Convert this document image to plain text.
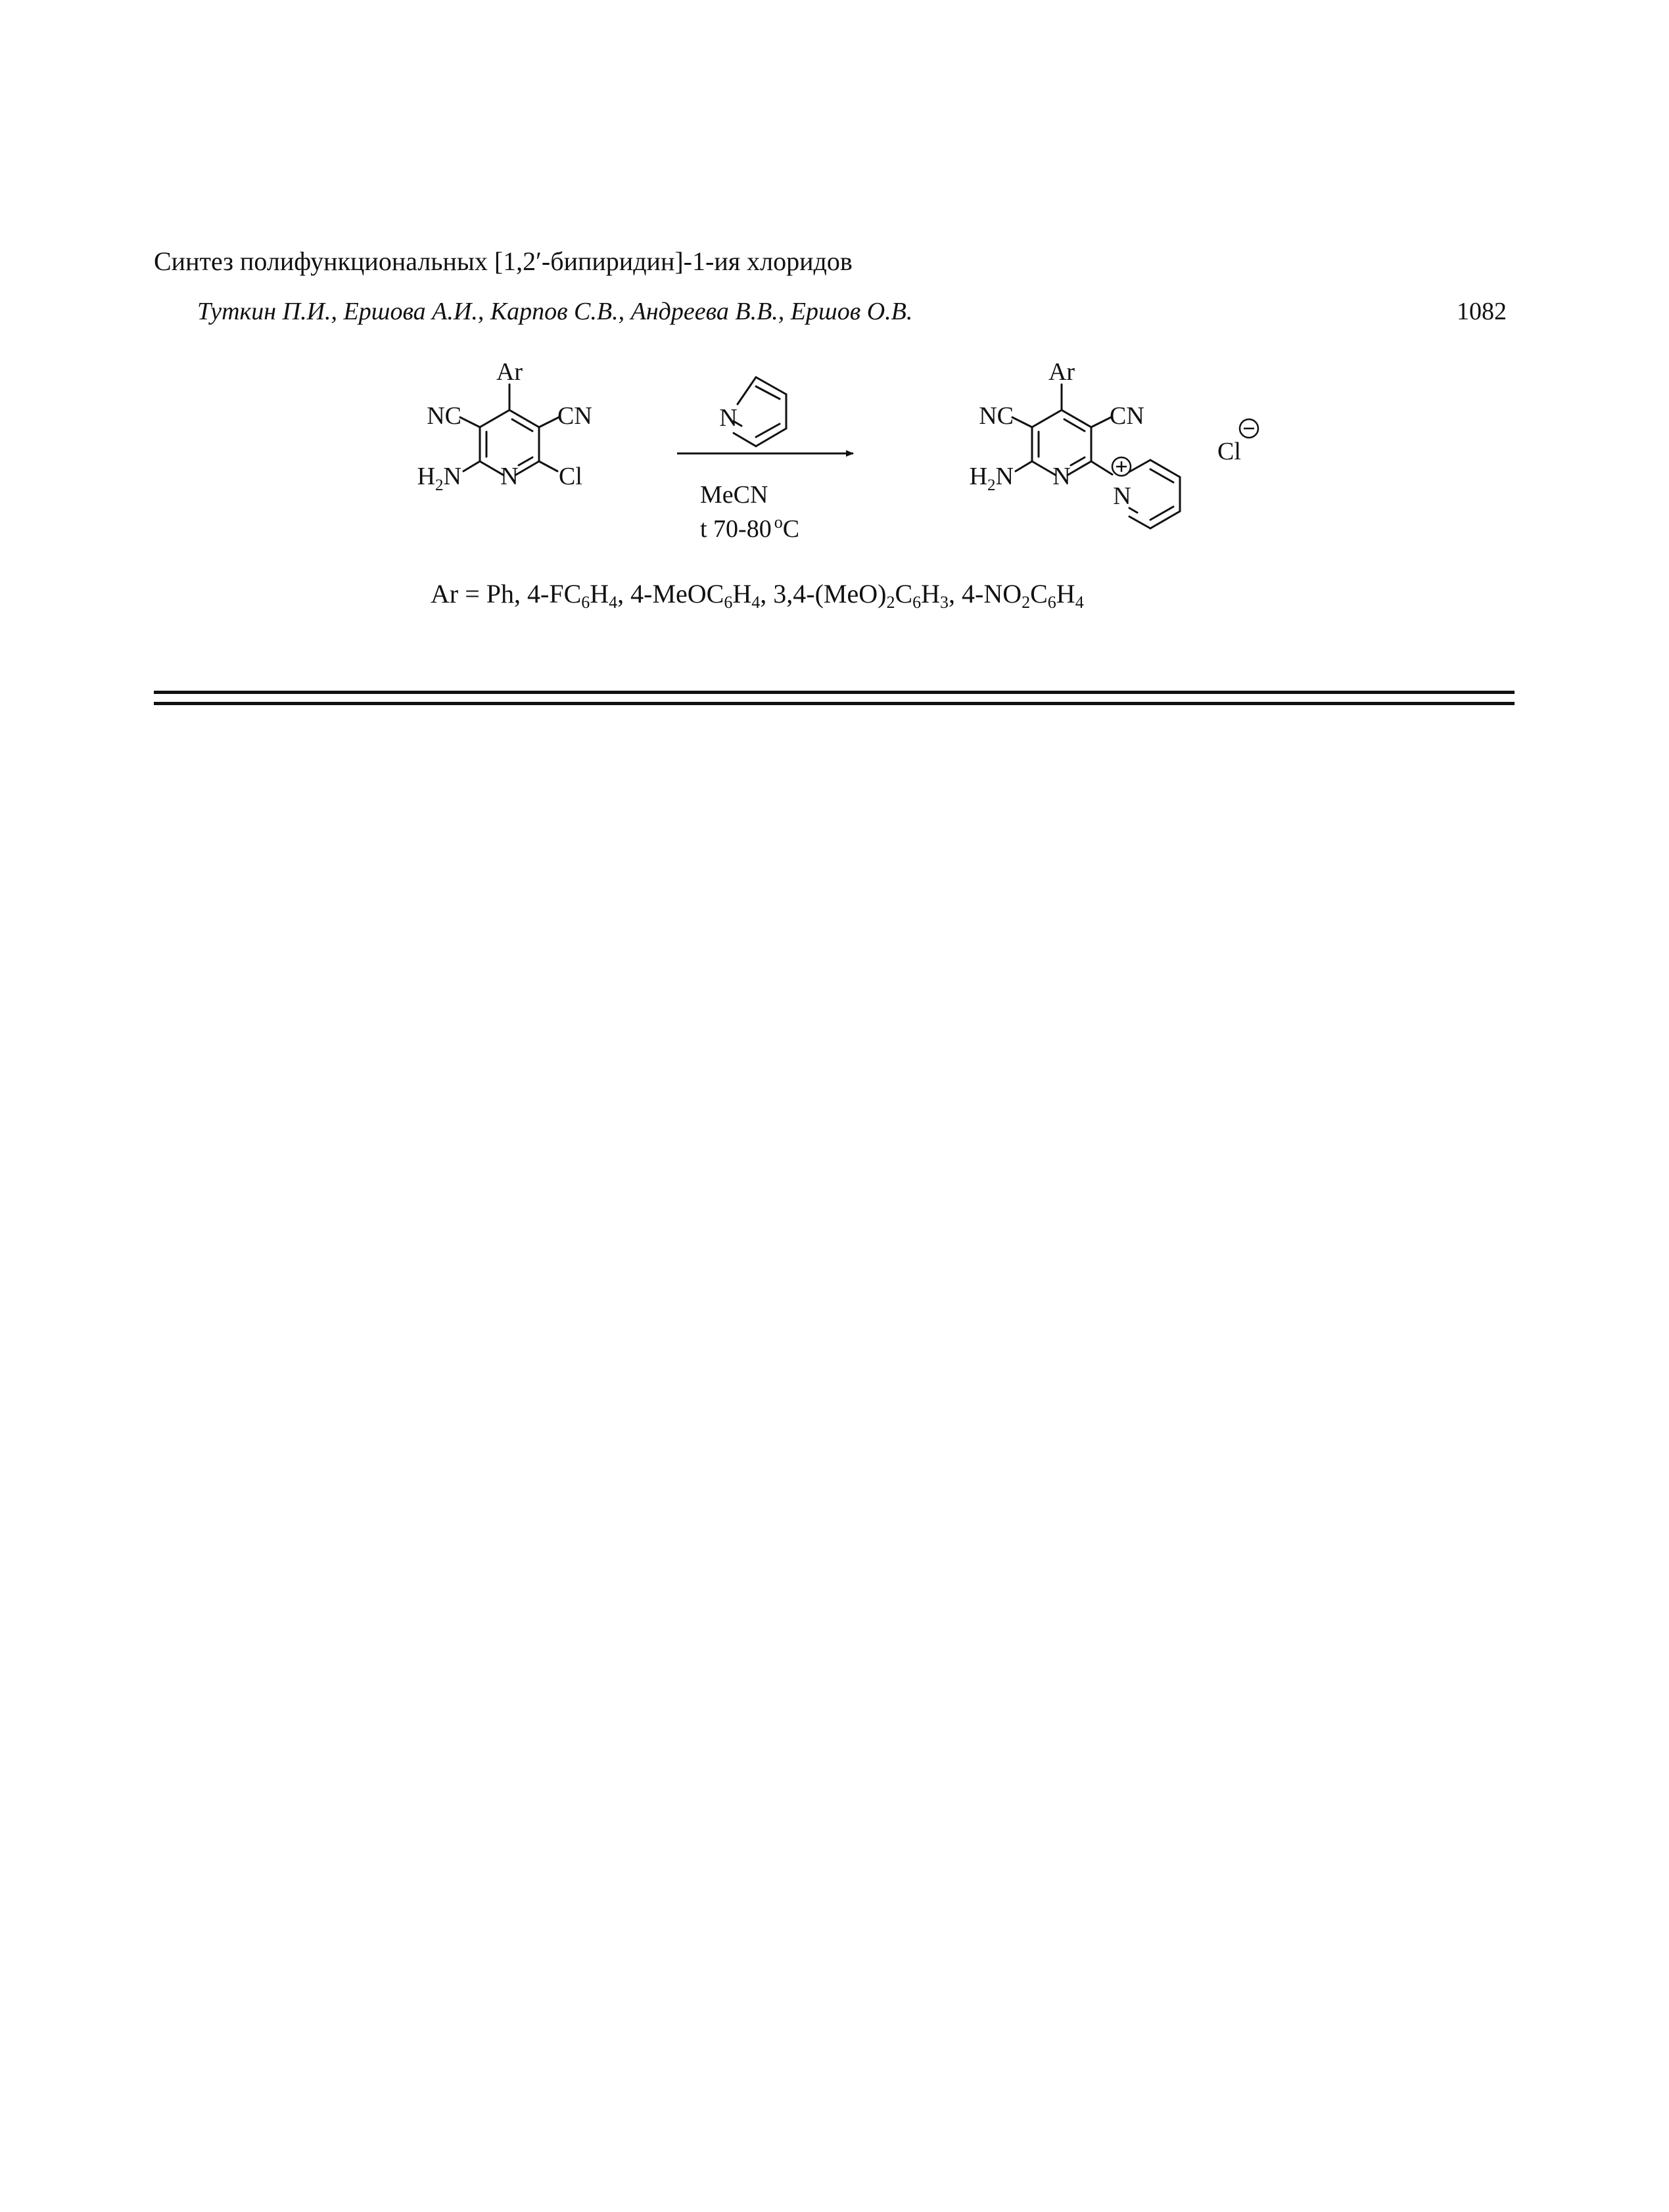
Синтез полифункциональных [1,2′-бипиридин]-1-ия хлоридов
Туткин П.И., Ершова А.И., Карпов С.В., Андреева В.В., Ершов О.В.	1082
Ar
NC	CN
$H_2N$ N Cl
N
MeCN
t 70-80 $^o$C
Ar
NC	CN
$H_2N$ N
N
Cl
Ar = Ph, $4-FC_6H_4$, $4-MeOC_6H_4$, $3,4-(MeO)_2C_6H_3$, $4-NO_2C_6H_4$
